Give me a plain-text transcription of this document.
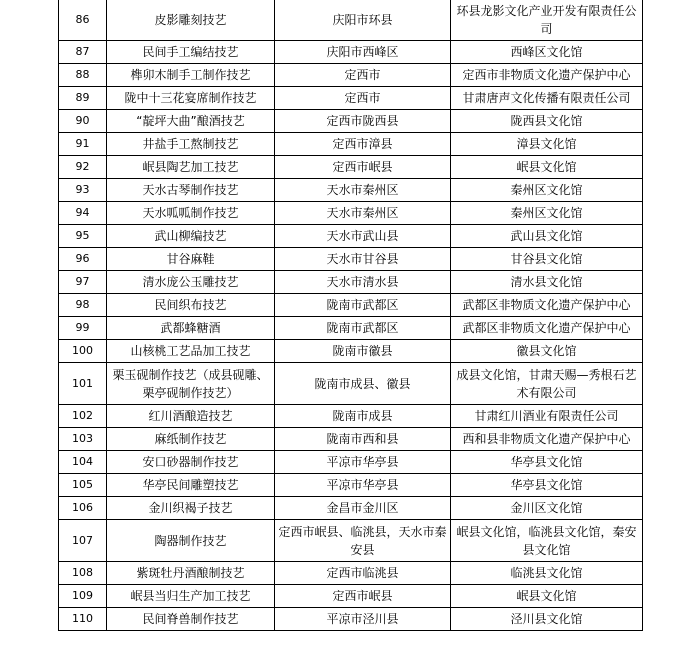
86	皮影雕刻技艺	庆阳市环县	环县龙影文化产业开发有限责任公司
87	民间手工编结技艺	庆阳市西峰区	西峰区文化馆
88	榫卯木制手工制作技艺	定西市	定西市非物质文化遗产保护中心
89	陇中十三花宴席制作技艺	定西市	甘肃唐声文化传播有限责任公司
90	“靛坪大曲”酿酒技艺	定西市陇西县	陇西县文化馆
91	井盐手工熬制技艺	定西市漳县	漳县文化馆
92	岷县陶艺加工技艺	定西市岷县	岷县文化馆
93	天水古琴制作技艺	天水市秦州区	秦州区文化馆
94	天水呱呱制作技艺	天水市秦州区	秦州区文化馆
95	武山柳编技艺	天水市武山县	武山县文化馆
96	甘谷麻鞋	天水市甘谷县	甘谷县文化馆
97	清水庞公玉雕技艺	天水市清水县	清水县文化馆
98	民间织布技艺	陇南市武都区	武都区非物质文化遗产保护中心
99	武都蜂糖酒	陇南市武都区	武都区非物质文化遗产保护中心
100	山核桃工艺品加工技艺	陇南市徽县	徽县文化馆
101	栗玉砚制作技艺（成县砚雕、栗亭砚制作技艺）	陇南市成县、徽县	成县文化馆，甘肃天赐—秀根石艺术有限公司
102	红川酒酿造技艺	陇南市成县	甘肃红川酒业有限责任公司
103	麻纸制作技艺	陇南市西和县	西和县非物质文化遗产保护中心
104	安口砂器制作技艺	平凉市华亭县	华亭县文化馆
105	华亭民间雕塑技艺	平凉市华亭县	华亭县文化馆
106	金川织褐子技艺	金昌市金川区	金川区文化馆
107	陶器制作技艺	定西市岷县、临洮县，天水市秦安县	岷县文化馆，临洮县文化馆，秦安县文化馆
108	紫斑牡丹酒酿制技艺	定西市临洮县	临洮县文化馆
109	岷县当归生产加工技艺	定西市岷县	岷县文化馆
110	民间脊兽制作技艺	平凉市泾川县	泾川县文化馆
